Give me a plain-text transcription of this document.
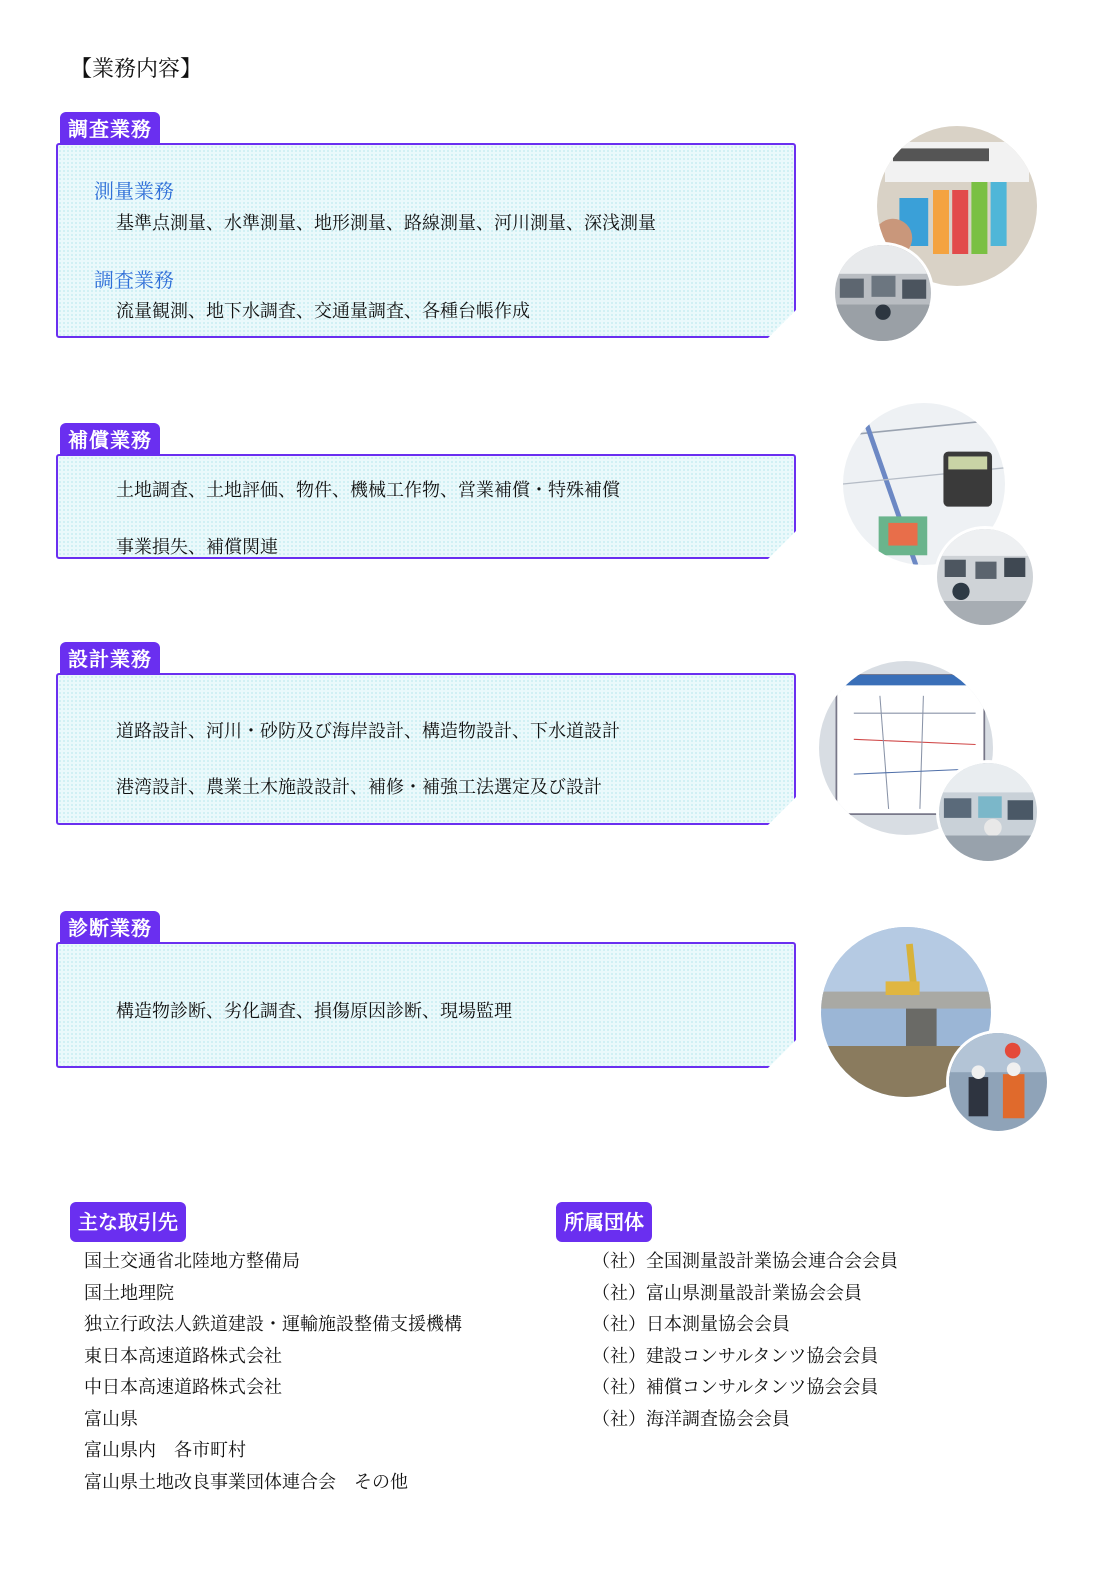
【業務内容】
調査業務
測量業務
基準点測量、水準測量、地形測量、路線測量、河川測量、深浅測量
調査業務
流量観測、地下水調査、交通量調査、各種台帳作成
補償業務
土地調査、土地評価、物件、機械工作物、営業補償・特殊補償
事業損失、補償関連
設計業務
道路設計、河川・砂防及び海岸設計、構造物設計、下水道設計
港湾設計、農業土木施設設計、補修・補強工法選定及び設計
診断業務
構造物診断、劣化調査、損傷原因診断、現場監理
主な取引先
国土交通省北陸地方整備局
国土地理院
独立行政法人鉄道建設・運輸施設整備支援機構
東日本高速道路株式会社
中日本高速道路株式会社
富山県
富山県内　各市町村
富山県土地改良事業団体連合会　その他
所属団体
（社）全国測量設計業協会連合会会員
（社）富山県測量設計業協会会員
（社）日本測量協会会員
（社）建設コンサルタンツ協会会員
（社）補償コンサルタンツ協会会員
（社）海洋調査協会会員
